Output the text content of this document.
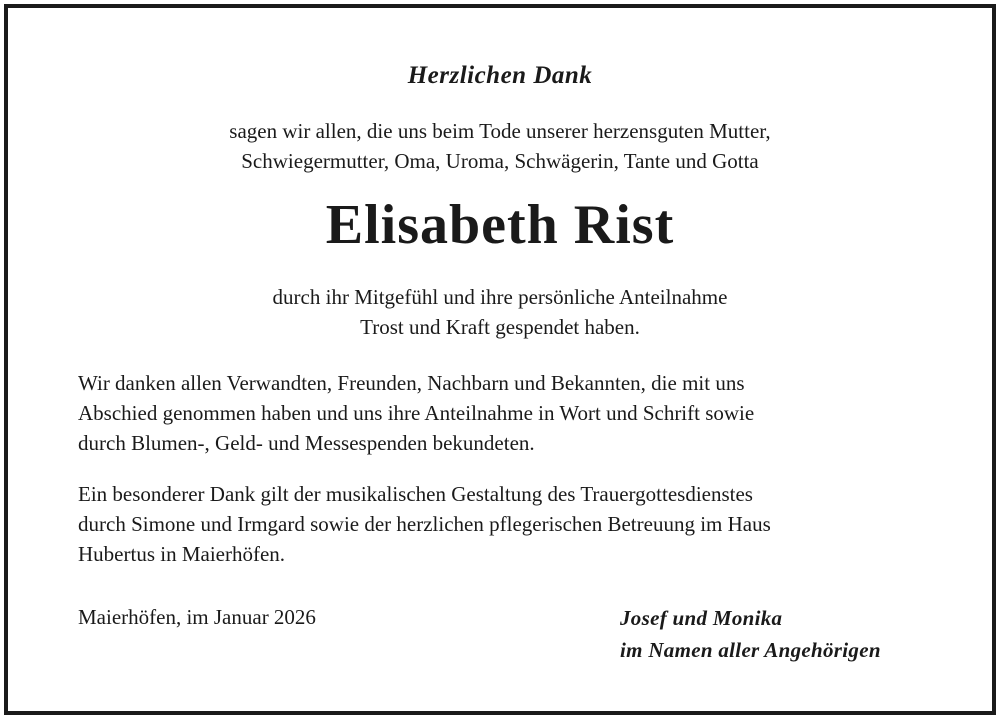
Herzlichen Dank
sagen wir allen, die uns beim Tode unserer herzensguten Mutter,
Schwiegermutter, Oma, Uroma, Schwägerin, Tante und Gotta
Elisabeth Rist
durch ihr Mitgefühl und ihre persönliche Anteilnahme
Trost und Kraft gespendet haben.
Wir danken allen Verwandten, Freunden, Nachbarn und Bekannten, die mit uns
Abschied genommen haben und uns ihre Anteilnahme in Wort und Schrift sowie
durch Blumen-, Geld- und Messespenden bekundeten.
Ein besonderer Dank gilt der musikalischen Gestaltung des Trauergottesdienstes
durch Simone und Irmgard sowie der herzlichen pflegerischen Betreuung im Haus
Hubertus in Maierhöfen.
Maierhöfen, im Januar 2026	Josef und Monika
im Namen aller Angehörigen
